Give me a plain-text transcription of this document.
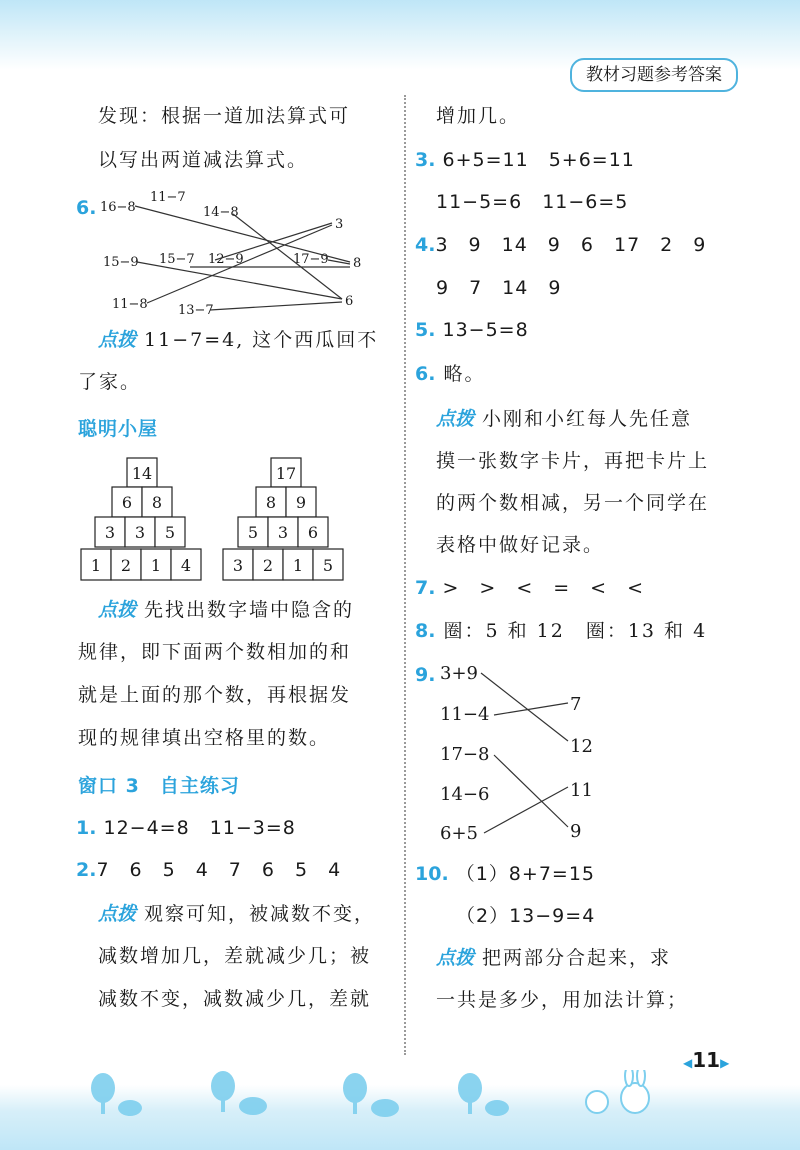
教材习题参考答案
发现：根据一道加法算式可
以写出两道减法算式。
6. 16−8
11−7
14−8
15−9 15−7 12−9	17−9
11−8 13−7
3
8
6
点拨 11−7=4, 这个西瓜回不
了家。
聪明小屋
14
6 8
3 3 5
1 2 1 4
17
8 9
5 3 6
3 2 1 5
点拨 先找出数字墙中隐含的
规律，即下面两个数相加的和
就是上面的那个数，再根据发
现的规律填出空格里的数。
窗口 3　自主练习
1. 12−4=8　11−3=8
2.7　6　5　4　7　6　5　4
点拨 观察可知，被减数不变，
减数增加几，差就减少几；被
减数不变，减数减少几，差就
增加几。
3. 6+5=11　5+6=11
11−5=6　11−6=5
4.3　9　14　9　6　17　2　9
9　7　14　9
5. 13−5=8
6. 略。
点拨 小刚和小红每人先任意
摸一张数字卡片，再把卡片上
的两个数相减，另一个同学在
表格中做好记录。
7. >　>　<　=　<　<
8. 圈：5 和 12　圈：13 和 4
9. 3+9
11−4
17−8
14−6
6+5
7
12
11
9
10. （1）8+7=15
（2）13−9=4
点拨 把两部分合起来，求
一共是多少，用加法计算；
◀11▶
